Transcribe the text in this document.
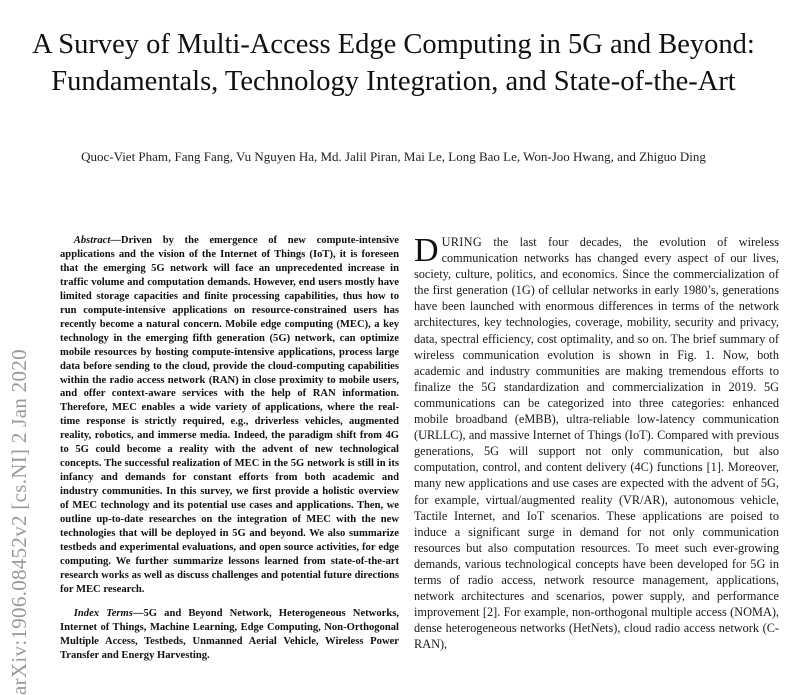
A Survey of Multi-Access Edge Computing in 5G and Beyond: Fundamentals, Technology Integration, and State-of-the-Art

Quoc-Viet Pham, Fang Fang, Vu Nguyen Ha, Md. Jalil Piran, Mai Le, Long Bao Le, Won-Joo Hwang, and Zhiguo Ding

arXiv:1906.08452v2 [cs.NI] 2 Jan 2020

Abstract—Driven by the emergence of new compute-intensive applications and the vision of the Internet of Things (IoT), it is foreseen that the emerging 5G network will face an unprecedented increase in traffic volume and computation demands. However, end users mostly have limited storage capacities and finite processing capabilities, thus how to run compute-intensive applications on resource-constrained users has recently become a natural concern. Mobile edge computing (MEC), a key technology in the emerging fifth generation (5G) network, can optimize mobile resources by hosting compute-intensive applications, process large data before sending to the cloud, provide the cloud-computing capabilities within the radio access network (RAN) in close proximity to mobile users, and offer context-aware services with the help of RAN information. Therefore, MEC enables a wide variety of applications, where the real-time response is strictly required, e.g., driverless vehicles, augmented reality, robotics, and immerse media. Indeed, the paradigm shift from 4G to 5G could become a reality with the advent of new technological concepts. The successful realization of MEC in the 5G network is still in its infancy and demands for constant efforts from both academic and industry communities. In this survey, we first provide a holistic overview of MEC technology and its potential use cases and applications. Then, we outline up-to-date researches on the integration of MEC with the new technologies that will be deployed in 5G and beyond. We also summarize testbeds and experimental evaluations, and open source activities, for edge computing. We further summarize lessons learned from state-of-the-art research works as well as discuss challenges and potential future directions for MEC research.

Index Terms—5G and Beyond Network, Heterogeneous Networks, Internet of Things, Machine Learning, Edge Computing, Non-Orthogonal Multiple Access, Testbeds, Unmanned Aerial Vehicle, Wireless Power Transfer and Energy Harvesting.

DURING the last four decades, the evolution of wireless communication networks has changed every aspect of our lives, society, culture, politics, and economics. Since the commercialization of the first generation (1G) of cellular networks in early 1980’s, generations have been launched with enormous differences in terms of the network architectures, key technologies, coverage, mobility, security and privacy, data, spectral efficiency, cost optimality, and so on. The brief summary of wireless communication evolution is shown in Fig. 1. Now, both academic and industry communities are making tremendous efforts to finalize the 5G standardization and commercialization in 2019. 5G communications can be categorized into three categories: enhanced mobile broadband (eMBB), ultra-reliable low-latency communication (URLLC), and massive Internet of Things (IoT). Compared with previous generations, 5G will support not only communication, but also computation, control, and content delivery (4C) functions [1]. Moreover, many new applications and use cases are expected with the advent of 5G, for example, virtual/augmented reality (VR/AR), autonomous vehicle, Tactile Internet, and IoT scenarios. These applications are poised to induce a significant surge in demand for not only communication resources but also computation resources. To meet such ever-growing demands, various technological concepts have been developed for 5G in terms of radio access, network resource management, applications, network architectures and scenarios, power supply, and performance improvement [2]. For example, non-orthogonal multiple access (NOMA), dense heterogeneous networks (HetNets), cloud radio access network (C-RAN),
